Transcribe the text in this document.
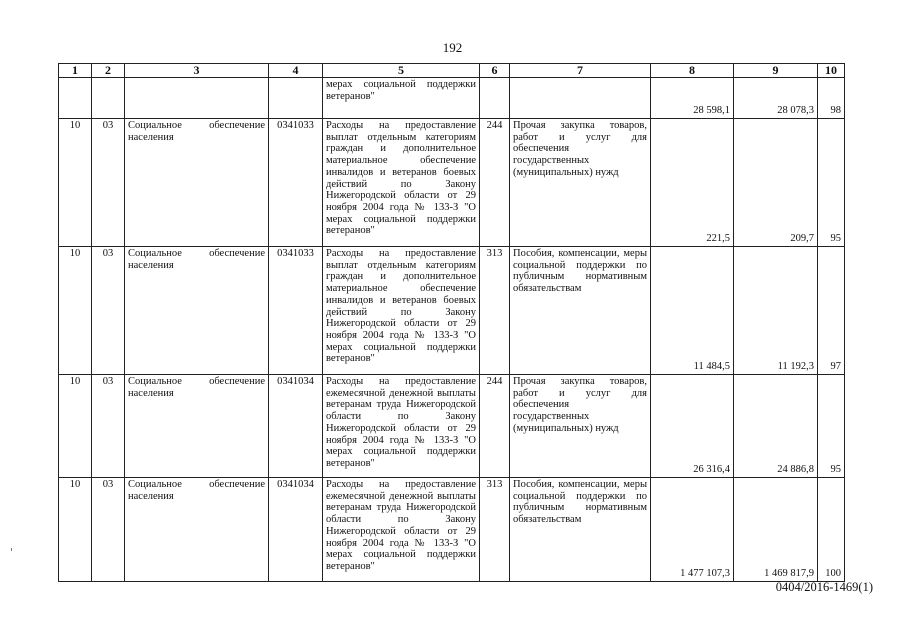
192
1	2	3	4	5	6	7	8	9	10
				мерах социальной поддержки ветеранов"			28 598,1	28 078,3	98
10	03	Социальное обеспечение населения	0341033	Расходы на предоставление выплат отдельным категориям граждан и дополнительное материальное обеспечение инвалидов и ветеранов боевых действий по Закону Нижегородской области от 29 ноября 2004 года № 133-З "О мерах социальной поддержки ветеранов"	244	Прочая закупка товаров, работ и услуг для обеспечения государственных (муниципальных) нужд	221,5	209,7	95
10	03	Социальное обеспечение населения	0341033	Расходы на предоставление выплат отдельным категориям граждан и дополнительное материальное обеспечение инвалидов и ветеранов боевых действий по Закону Нижегородской области от 29 ноября 2004 года № 133-З "О мерах социальной поддержки ветеранов"	313	Пособия, компенсации, меры социальной поддержки по публичным нормативным обязательствам	11 484,5	11 192,3	97
10	03	Социальное обеспечение населения	0341034	Расходы на предоставление ежемесячной денежной выплаты ветеранам труда Нижегородской области по Закону Нижегородской области от 29 ноября 2004 года № 133-З "О мерах социальной поддержки ветеранов"	244	Прочая закупка товаров, работ и услуг для обеспечения государственных (муниципальных) нужд	26 316,4	24 886,8	95
10	03	Социальное обеспечение населения	0341034	Расходы на предоставление ежемесячной денежной выплаты ветеранам труда Нижегородской области по Закону Нижегородской области от 29 ноября 2004 года № 133-З "О мерах социальной поддержки ветеранов"	313	Пособия, компенсации, меры социальной поддержки по публичным нормативным обязательствам	1 477 107,3	1 469 817,9	100
0404/2016-1469(1)
